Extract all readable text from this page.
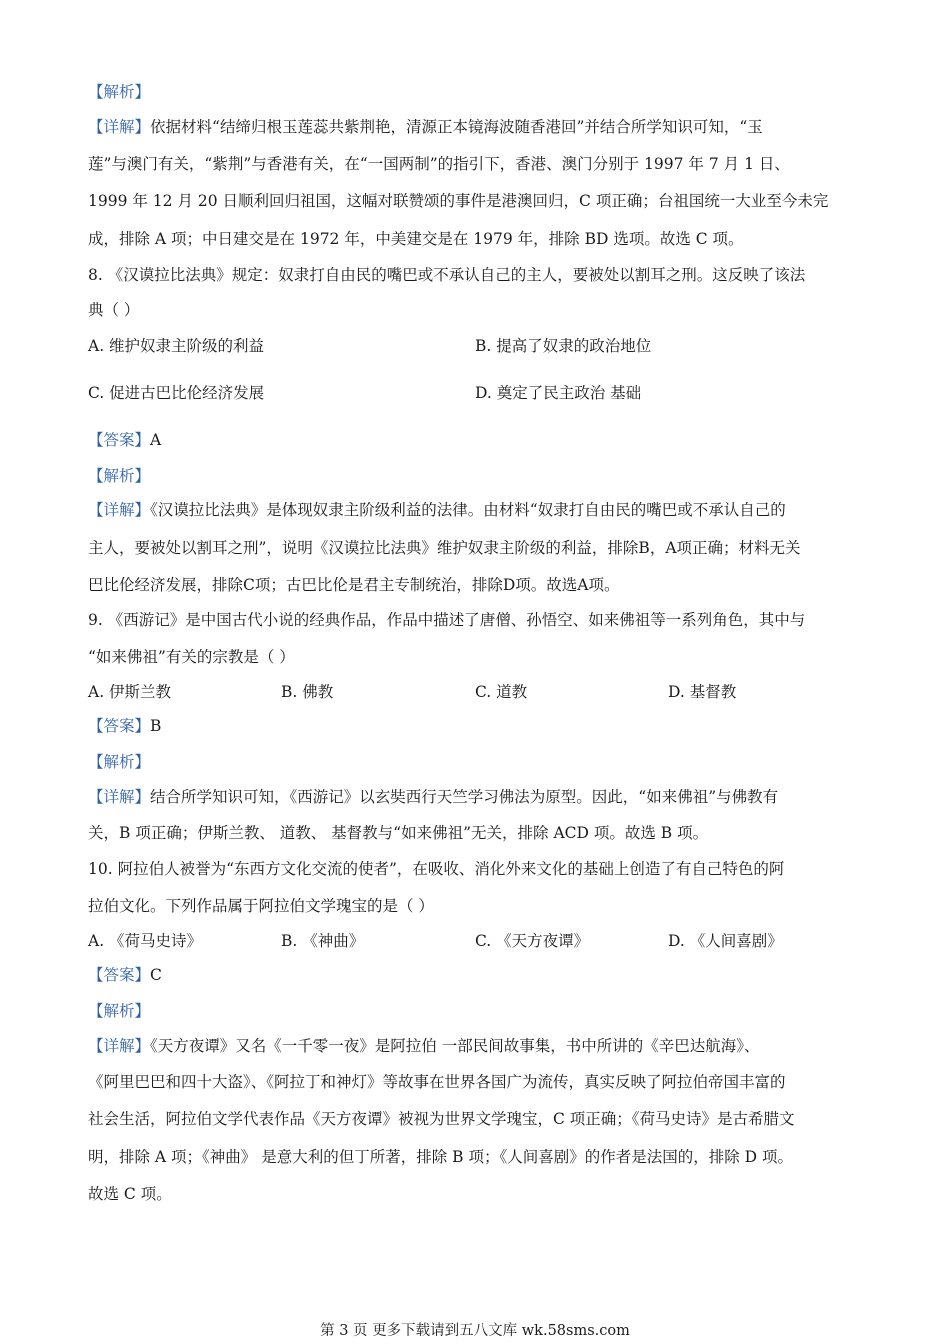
【解析】
【详解】依据材料“结缔归根玉莲蕊共紫荆艳，清源正本镜海波随香港回”并结合所学知识可知，“玉
莲”与澳门有关，“紫荆”与香港有关，在“一国两制”的指引下，香港、澳门分别于 1997 年 7 月 1 日、
1999 年 12 月 20 日顺利回归祖国，这幅对联赞颂的事件是港澳回归，C 项正确；台祖国统一大业至今未完
成，排除 A 项；中日建交是在 1972 年，中美建交是在 1979 年，排除 BD 选项。故选 C 项。
8. 《汉谟拉比法典》规定：奴隶打自由民的嘴巴或不承认自己的主人，要被处以割耳之刑。这反映了该法
典（ ）
A. 维护奴隶主阶级的利益	B. 提高了奴隶的政治地位
C. 促进古巴比伦经济发展	D. 奠定了民主政治 基础
【答案】A
【解析】
【详解】《汉谟拉比法典》是体现奴隶主阶级利益的法律。由材料“奴隶打自由民的嘴巴或不承认自己的
主人，要被处以割耳之刑”，说明《汉谟拉比法典》维护奴隶主阶级的利益，排除B，A项正确；材料无关
巴比伦经济发展，排除C项；古巴比伦是君主专制统治，排除D项。故选A项。
9. 《西游记》是中国古代小说的经典作品，作品中描述了唐僧、孙悟空、如来佛祖等一系列角色，其中与
“如来佛祖”有关的宗教是（ ）
A. 伊斯兰教	B. 佛教	C. 道教	D. 基督教
【答案】B
【解析】
【详解】结合所学知识可知，《西游记》以玄奘西行天竺学习佛法为原型。因此，“如来佛祖”与佛教有
关，B 项正确；伊斯兰教、 道教、 基督教与“如来佛祖”无关，排除 ACD 项。故选 B 项。
10. 阿拉伯人被誉为“东西方文化交流的使者”，在吸收、消化外来文化的基础上创造了有自己特色的阿
拉伯文化。下列作品属于阿拉伯文学瑰宝的是（ ）
A. 《荷马史诗》	B. 《神曲》	C. 《天方夜谭》	D. 《人间喜剧》
【答案】C
【解析】
【详解】《天方夜谭》又名《一千零一夜》是阿拉伯 一部民间故事集，书中所讲的《辛巴达航海》、
《阿里巴巴和四十大盗》、《阿拉丁和神灯》等故事在世界各国广为流传，真实反映了阿拉伯帝国丰富的
社会生活，阿拉伯文学代表作品《天方夜谭》被视为世界文学瑰宝，C 项正确；《荷马史诗》是古希腊文
明，排除 A 项；《神曲》 是意大利的但丁所著，排除 B 项；《人间喜剧》的作者是法国的，排除 D 项。
故选 C 项。
第 3 页 更多下载请到五八文库 wk.58sms.com
